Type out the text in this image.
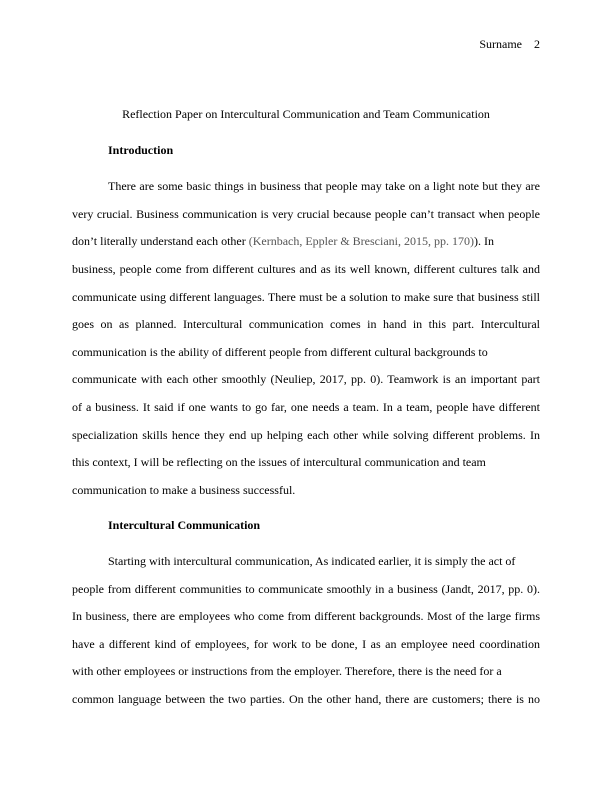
Surname 2
Reflection Paper on Intercultural Communication and Team Communication
Introduction
There are some basic things in business that people may take on a light note but they are
very crucial. Business communication is very crucial because people can’t transact when people
don’t literally understand each other (Kernbach, Eppler & Bresciani, 2015, pp. 170)). In
business, people come from different cultures and as its well known, different cultures talk and
communicate using different languages. There must be a solution to make sure that business still
goes on as planned. Intercultural communication comes in hand in this part. Intercultural
communication is the ability of different people from different cultural backgrounds to
communicate with each other smoothly (Neuliep, 2017, pp. 0). Teamwork is an important part
of a business. It said if one wants to go far, one needs a team. In a team, people have different
specialization skills hence they end up helping each other while solving different problems. In
this context, I will be reflecting on the issues of intercultural communication and team
communication to make a business successful.
Intercultural Communication
Starting with intercultural communication, As indicated earlier, it is simply the act of
people from different communities to communicate smoothly in a business (Jandt, 2017, pp. 0).
In business, there are employees who come from different backgrounds. Most of the large firms
have a different kind of employees, for work to be done, I as an employee need coordination
with other employees or instructions from the employer. Therefore, there is the need for a
common language between the two parties. On the other hand, there are customers; there is no
